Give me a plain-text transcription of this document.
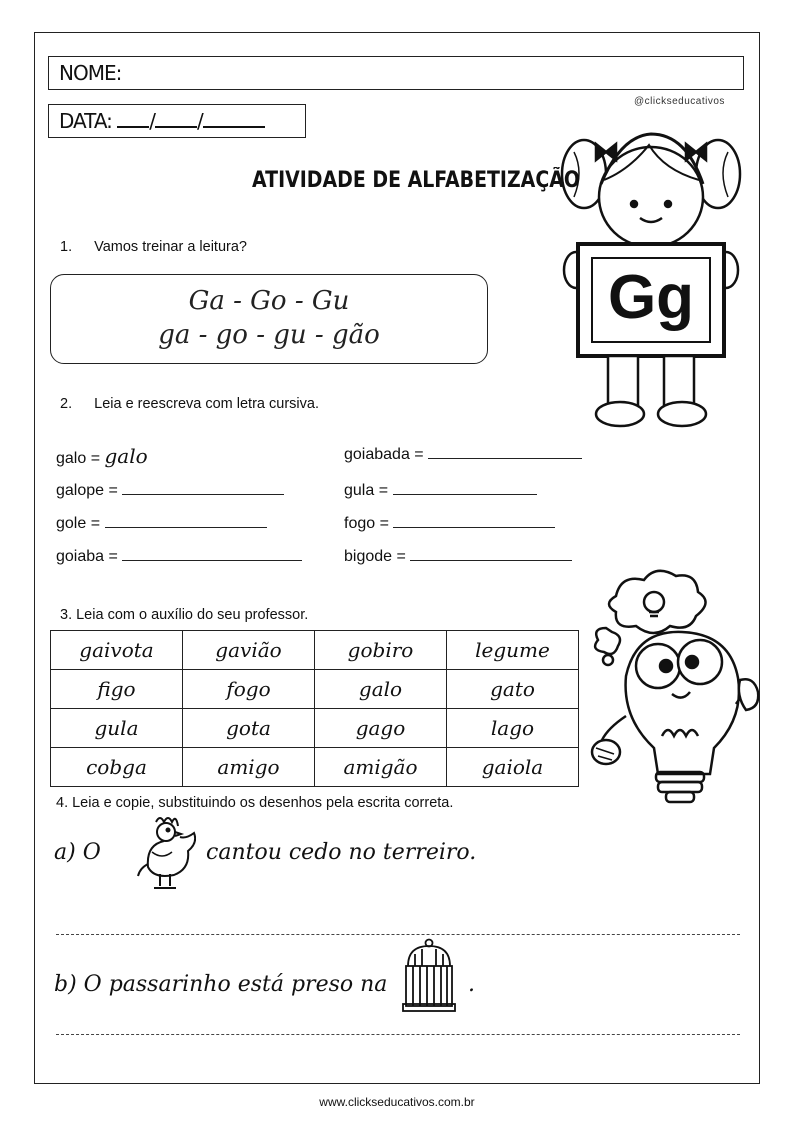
NOME:
DATA: / /
@clickseducativos
ATIVIDADE DE ALFABETIZAÇÃO
Gg
1. Vamos treinar a leitura?
Ga - Go - Gu
ga - go - gu - gão
2. Leia e reescreva com letra cursiva.
galo = galo	goiabada =
galope =	gula =
gole =	fogo =
goiaba =	bigode =
3. Leia com o auxílio do seu professor.
gaivota	gavião	gobiro	legume
figo	fogo	galo	gato
gula	gota	gago	lago
cobga	amigo	amigão	gaiola
4. Leia e copie, substituindo os desenhos pela escrita correta.
a) O	cantou cedo no terreiro.
b) O passarinho está preso na	.
www.clickseducativos.com.br
